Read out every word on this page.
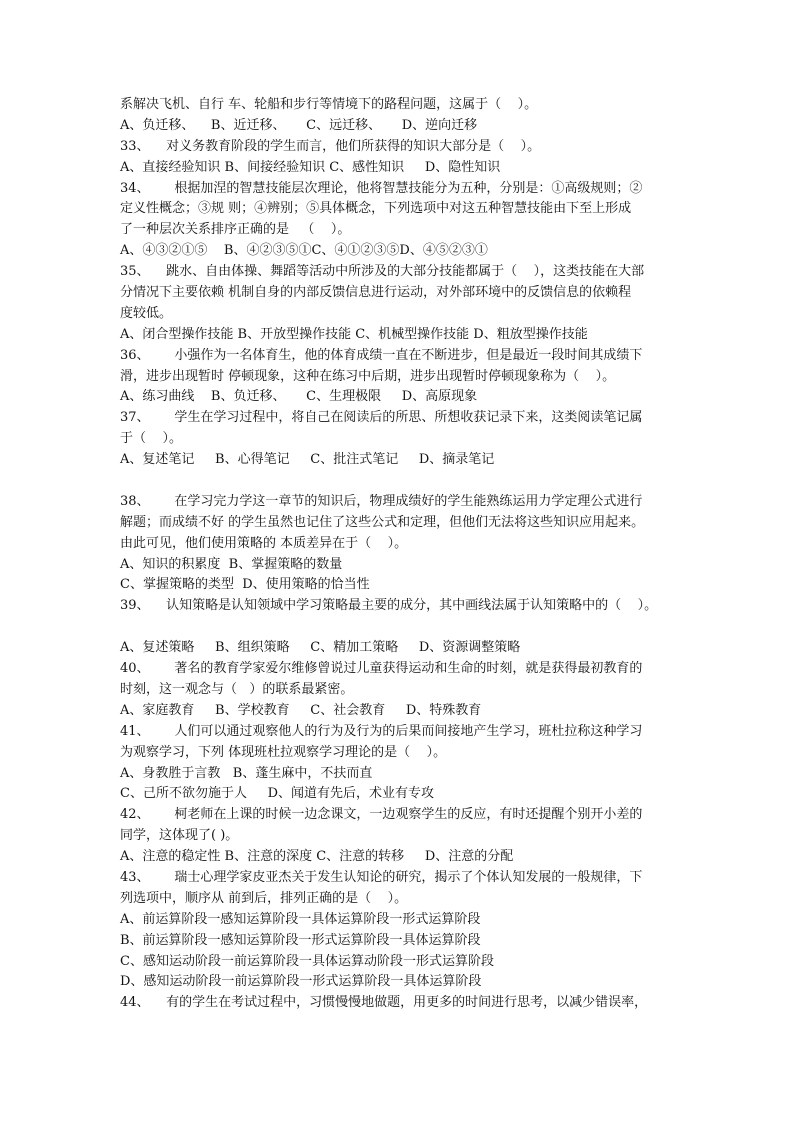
系解决飞机、自行 车、轮船和步行等情境下的路程问题，这属于（    ）。
A、负迁移、    B、近迁移、     C、远迁移、     D、逆向迁移
33、    对义务教育阶段的学生而言，他们所获得的知识大部分是（    ）。
A、直接经验知识 B、间接经验知识 C、感性知识     D、隐性知识
34、      根据加涅的智慧技能层次理论，他将智慧技能分为五种，分别是：①高级规则；②
定义性概念；③规 则；④辨别；⑤具体概念，下列选项中对这五种智慧技能由下至上形成
了一种层次关系排序正确的是   （    ）。
A、④③②①⑤    B、④②③⑤①C、④①②③⑤D、④⑤②③①
35、    跳水、自由体操、舞蹈等活动中所涉及的大部分技能都属于（    ），这类技能在大部
分情况下主要依赖 机制自身的内部反馈信息进行运动，对外部环境中的反馈信息的依赖程
度较低。
A、闭合型操作技能 B、开放型操作技能 C、机械型操作技能 D、粗放型操作技能
36、      小强作为一名体育生，他的体育成绩一直在不断进步，但是最近一段时间其成绩下
滑，进步出现暂时 停顿现象，这种在练习中后期，进步出现暂时停顿现象称为（    ）。
A、练习曲线    B、负迁移、     C、生理极限     D、高原现象
37、      学生在学习过程中，将自己在阅读后的所思、所想收获记录下来，这类阅读笔记属
于（    ）。
A、复述笔记     B、心得笔记     C、批注式笔记     D、摘录笔记
38、      在学习完力学这一章节的知识后，物理成绩好的学生能熟练运用力学定理公式进行
解题；而成绩不好 的学生虽然也记住了这些公式和定理，但他们无法将这些知识应用起来。
由此可见，他们使用策略的 本质差异在于（    ）。
A、知识的积累度  B、掌握策略的数量
C、掌握策略的类型  D、使用策略的恰当性
39、    认知策略是认知领域中学习策略最主要的成分，其中画线法属于认知策略中的（    ）。
A、复述策略     B、组织策略     C、精加工策略     D、资源调整策略
40、      著名的教育学家爱尔维修曾说过儿童获得运动和生命的时刻，就是获得最初教育的
时刻，这一观念与（   ）的联系最紧密。
A、家庭教育     B、学校教育     C、社会教育     D、特殊教育
41、      人们可以通过观察他人的行为及行为的后果而间接地产生学习，班杜拉称这种学习
为观察学习，下列 体现班杜拉观察学习理论的是（    ）。
A、身教胜于言教   B、蓬生麻中，不扶而直
C、己所不欲勿施于人     D、闻道有先后，术业有专攻
42、      柯老师在上课的时候一边念课文，一边观察学生的反应，有时还提醒个别开小差的
同学，这体现了( )。
A、注意的稳定性 B、注意的深度 C、注意的转移     D、注意的分配
43、      瑞士心理学家皮亚杰关于发生认知论的研究，揭示了个体认知发展的一般规律，下
列选项中，顺序从 前到后，排列正确的是（    ）。
A、前运算阶段一感知运算阶段一具体运算阶段一形式运算阶段
B、前运算阶段一感知运算阶段一形式运算阶段一具体运算阶段
C、感知运动阶段一前运算阶段一具体运算动阶段一形式运算阶段
D、感知运动阶段一前运算阶段一形式运算阶段一具体运算阶段
44、    有的学生在考试过程中，习惯慢慢地做题，用更多的时间进行思考，以减少错误率，
